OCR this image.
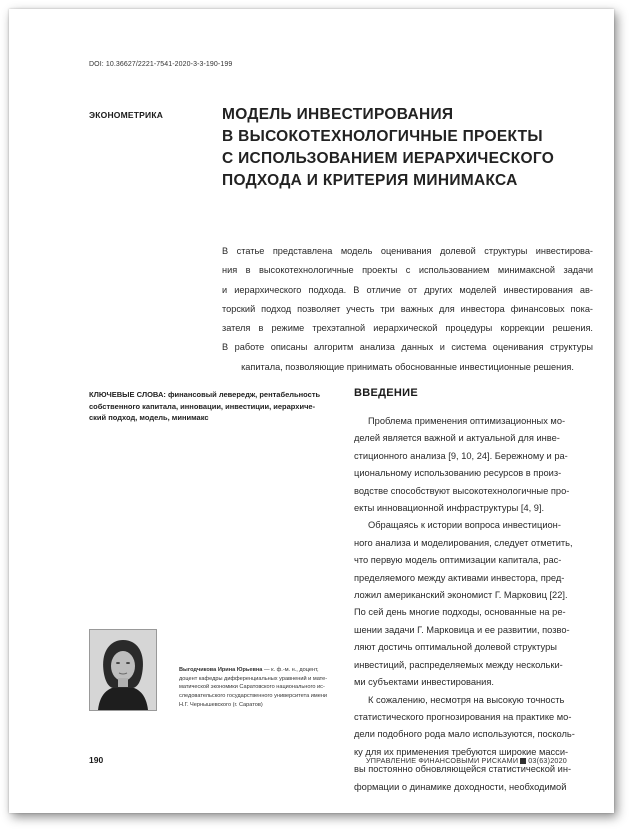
DOI: 10.36627/2221-7541-2020-3-3-190-199
ЭКОНОМЕТРИКА	МОДЕЛЬ ИНВЕСТИРОВАНИЯ
В ВЫСОКОТЕХНОЛОГИЧНЫЕ ПРОЕКТЫ
С ИСПОЛЬЗОВАНИЕМ ИЕРАРХИЧЕСКОГО
ПОДХОДА И КРИТЕРИЯ МИНИМАКСА
В статье представлена модель оценивания долевой структуры инвестирова-
ния в высокотехнологичные проекты с использованием минимаксной задачи
и иерархического подхода. В отличие от других моделей инвестирования ав-
торский подход позволяет учесть три важных для инвестора финансовых пока-
зателя в режиме трехэтапной иерархической процедуры коррекции решения.
В работе описаны алгоритм анализа данных и система оценивания структуры
капитала, позволяющие принимать обоснованные инвестиционные решения.
КЛЮЧЕВЫЕ СЛОВА: финансовый левередж, рентабельность
собственного капитала, инновации, инвестиции, иерархиче-
ский подход, модель, минимакс
ВВЕДЕНИЕ
Проблема применения оптимизационных мо-
делей является важной и актуальной для инве-
стиционного анализа [9, 10, 24]. Бережному и ра-
циональному использованию ресурсов в произ-
водстве способствуют высокотехнологичные про-
екты инновационной инфраструктуры [4, 9].
Обращаясь к истории вопроса инвестицион-
ного анализа и моделирования, следует отметить,
что первую модель оптимизации капитала, рас-
пределяемого между активами инвестора, пред-
ложил американский экономист Г. Марковиц [22].
По сей день многие подходы, основанные на ре-
шении задачи Г. Марковица и ее развитии, позво-
ляют достичь оптимальной долевой структуры
инвестиций, распределяемых между нескольки-
ми субъектами инвестирования.
К сожалению, несмотря на высокую точность
статистического прогнозирования на практике мо-
дели подобного рода мало используются, посколь-
ку для их применения требуются широкие масси-
вы постоянно обновляющейся статистической ин-
формации о динамике доходности, необходимой
Выгодчикова Ирина Юрьевна — к. ф.-м. н., доцент,
доцент кафедры дифференциальных уравнений и мате-
матической экономики Саратовского национального ис-
следовательского государственного университета имени
Н.Г. Чернышевского (г. Саратов)
190	УПРАВЛЕНИЕ ФИНАНСОВЫМИ РИСКАМИ 03(63)2020
